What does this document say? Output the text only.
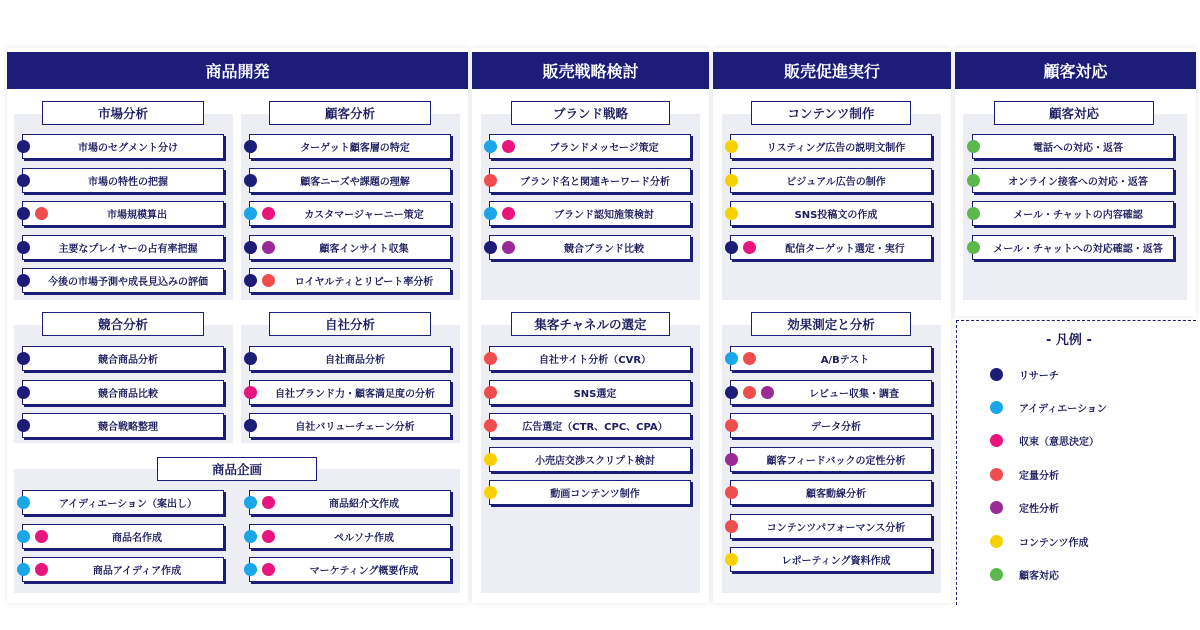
商品開発	販売戦略検討	販売促進実行	顧客対応
市場分析	顧客分析
競合分析	自社分析
商品企画
ブランド戦略
集客チャネルの選定
コンテンツ制作
効果測定と分析
顧客対応
市場のセグメント分け
市場の特性の把握
市場規模算出
主要なプレイヤーの占有率把握
今後の市場予測や成長見込みの評価
ターゲット顧客層の特定
顧客ニーズや課題の理解
カスタマージャーニー策定
顧客インサイト収集
ロイヤルティとリピート率分析
競合商品分析
競合商品比較
競合戦略整理
自社商品分析
自社ブランド力・顧客満足度の分析
自社バリューチェーン分析
アイディエーション（案出し）	商品紹介文作成
商品名作成	ペルソナ作成
商品アイディア作成	マーケティング概要作成
ブランドメッセージ策定
ブランド名と関連キーワード分析
ブランド認知施策検討
競合ブランド比較
自社サイト分析（CVR）
SNS選定
広告選定（CTR、CPC、CPA）
小売店交渉スクリプト検討
動画コンテンツ制作
リスティング広告の説明文制作
ビジュアル広告の制作
SNS投稿文の作成
配信ターゲット選定・実行
A/Bテスト
レビュー収集・調査
データ分析
顧客フィードバックの定性分析
顧客動線分析
コンテンツパフォーマンス分析
レポーティング資料作成
電話への対応・返答
オンライン接客への対応・返答
メール・チャットの内容確認
メール・チャットへの対応確認・返答
- 凡例 -
リサーチ
アイディエーション
収束（意思決定）
定量分析
定性分析
コンテンツ作成
顧客対応
